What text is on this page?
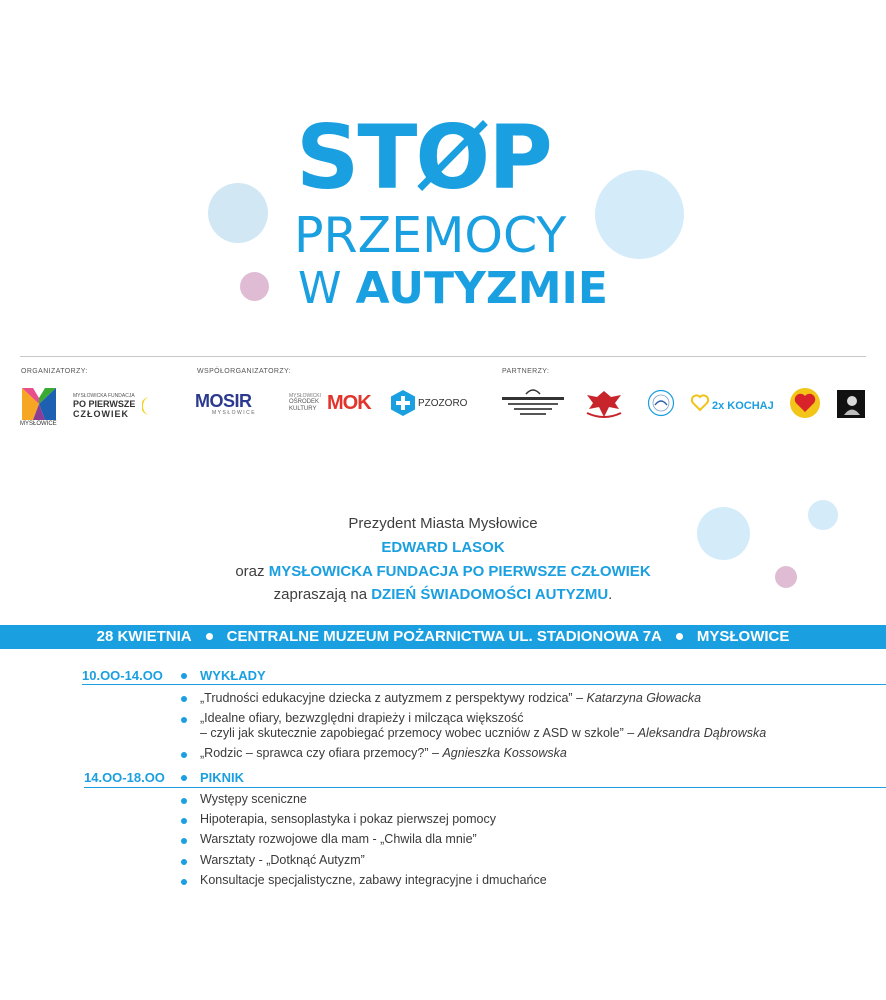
STØP
PRZEMOCY
W AUTYZMIE
ORGANIZATORZY:	WSPÓŁORGANIZATORZY:	PARTNERZY:
MYSŁOWICE
MYSŁOWICKA FUNDACJA
PO PIERWSZE
CZŁOWIEK
MOSIR
MYSŁOWICE
MYSŁOWICKI
OŚRODEK
KULTURY MOK	PZOZORO	2x KOCHAJ
Prezydent Miasta Mysłowice
EDWARD LASOK
oraz MYSŁOWICKA FUNDACJA PO PIERWSZE CZŁOWIEK
zapraszają na DZIEŃ ŚWIADOMOŚCI AUTYZMU.
28 KWIETNIA CENTRALNE MUZEUM POŻARNICTWA UL. STADIONOWA 7A MYSŁOWICE
10.OO-14.OO	WYKŁADY
„Trudności edukacyjne dziecka z autyzmem z perspektywy rodzica” – Katarzyna Głowacka
„Idealne ofiary, bezwzględni drapieży i milcząca większość
– czyli jak skutecznie zapobiegać przemocy wobec uczniów z ASD w szkole” – Aleksandra Dąbrowska
„Rodzic – sprawca czy ofiara przemocy?” – Agnieszka Kossowska
14.OO-18.OO	PIKNIK
Występy sceniczne
Hipoterapia, sensoplastyka i pokaz pierwszej pomocy
Warsztaty rozwojowe dla mam - „Chwila dla mnie”
Warsztaty - „Dotknąć Autyzm”
Konsultacje specjalistyczne, zabawy integracyjne i dmuchańce
